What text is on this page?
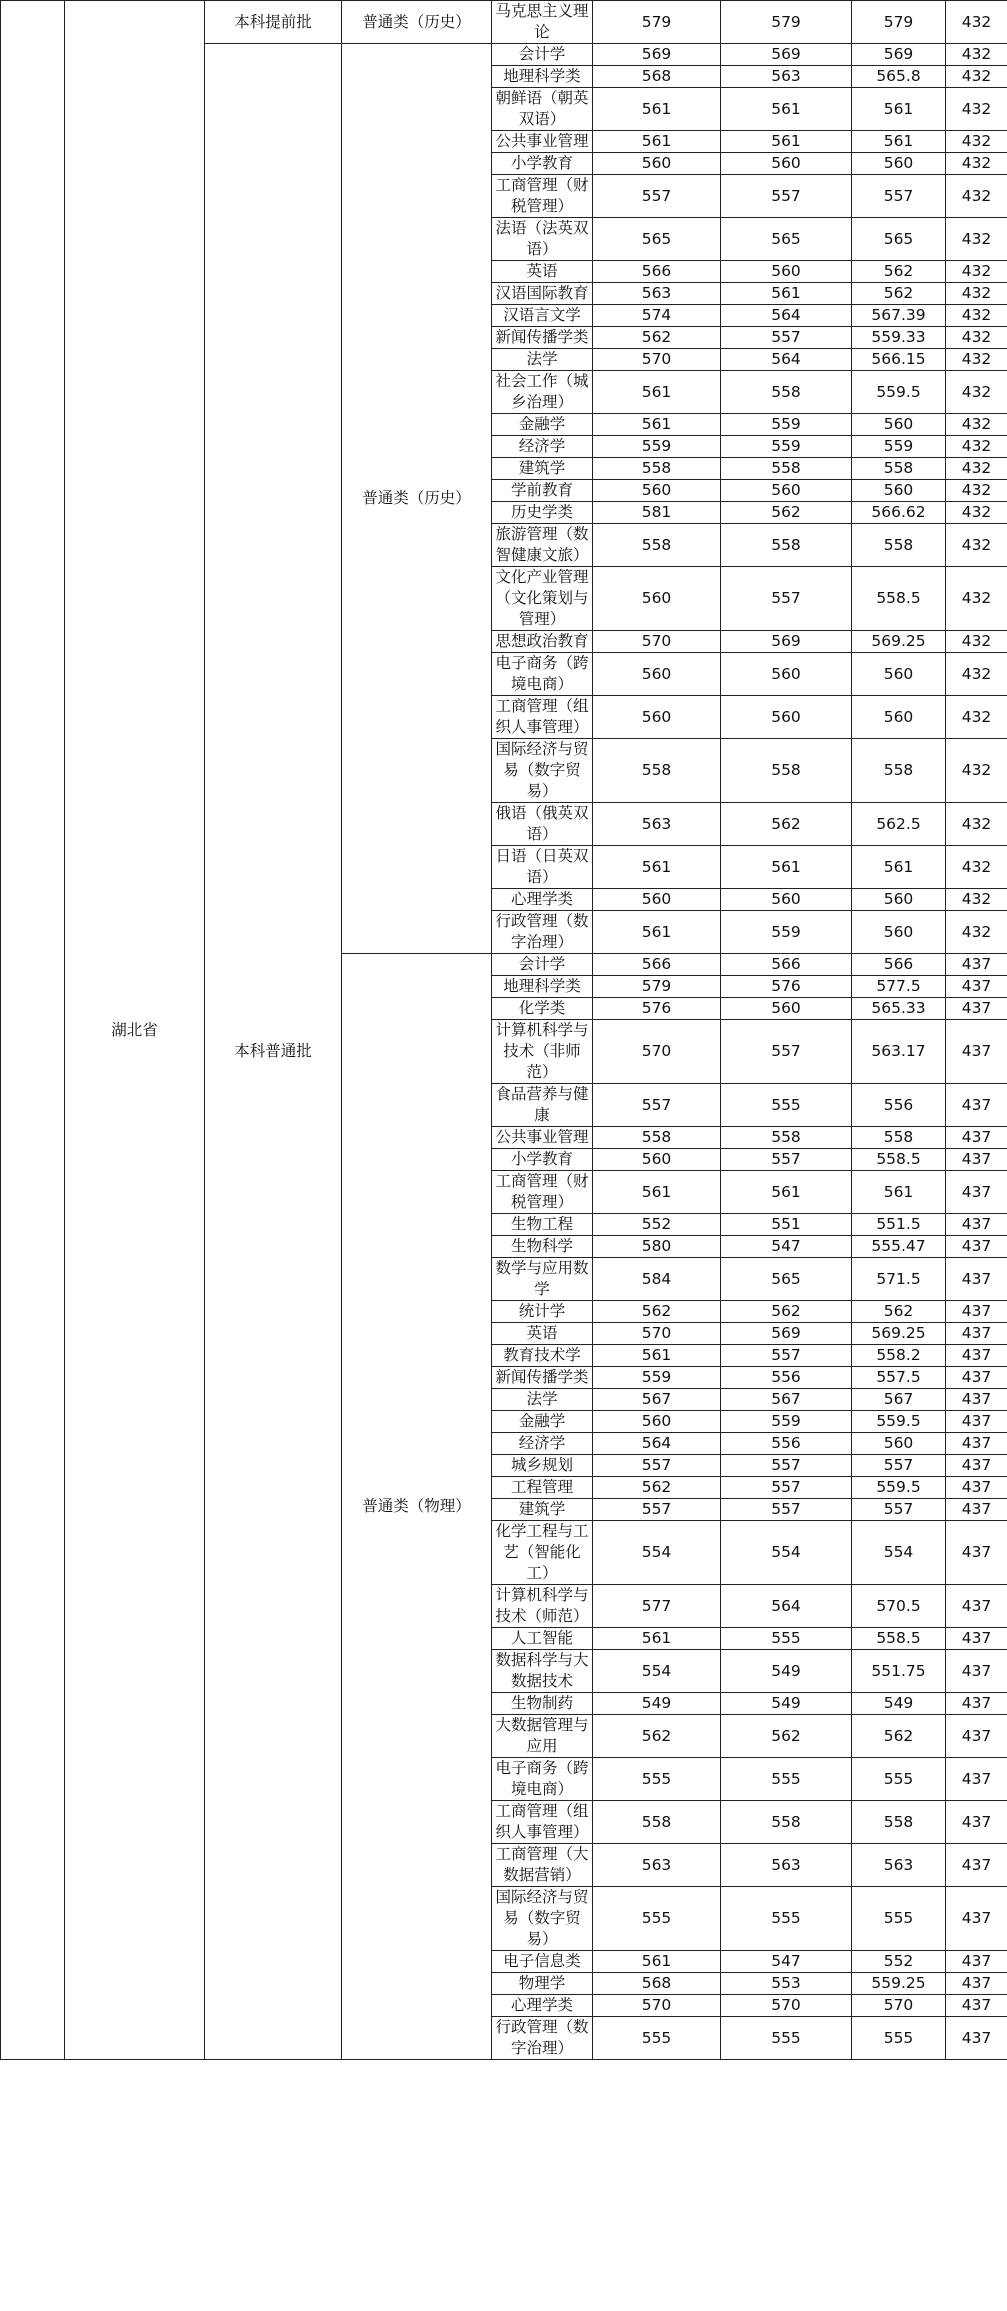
	湖北省	本科提前批	普通类（历史）	马克思主义理论	579	579	579	432	
		本科普通批	普通类（历史）	会计学	569	569	569	432	
				地理科学类	568	563	565.8	432	
				朝鲜语（朝英双语）	561	561	561	432	
				公共事业管理	561	561	561	432	
				小学教育	560	560	560	432	
				工商管理（财税管理）	557	557	557	432	
				法语（法英双语）	565	565	565	432	
				英语	566	560	562	432	
				汉语国际教育	563	561	562	432	
				汉语言文学	574	564	567.39	432	
				新闻传播学类	562	557	559.33	432	
				法学	570	564	566.15	432	
				社会工作（城乡治理）	561	558	559.5	432	
				金融学	561	559	560	432	
				经济学	559	559	559	432	
				建筑学	558	558	558	432	
				学前教育	560	560	560	432	
				历史学类	581	562	566.62	432	
				旅游管理（数智健康文旅）	558	558	558	432	
				文化产业管理（文化策划与管理）	560	557	558.5	432	
				思想政治教育	570	569	569.25	432	
				电子商务（跨境电商）	560	560	560	432	
				工商管理（组织人事管理）	560	560	560	432	
				国际经济与贸易（数字贸易）	558	558	558	432	
				俄语（俄英双语）	563	562	562.5	432	
				日语（日英双语）	561	561	561	432	
				心理学类	560	560	560	432	
				行政管理（数字治理）	561	559	560	432	
			普通类（物理）	会计学	566	566	566	437	
				地理科学类	579	576	577.5	437	
				化学类	576	560	565.33	437	
				计算机科学与技术（非师范）	570	557	563.17	437	
				食品营养与健康	557	555	556	437	
				公共事业管理	558	558	558	437	
				小学教育	560	557	558.5	437	
				工商管理（财税管理）	561	561	561	437	
				生物工程	552	551	551.5	437	
				生物科学	580	547	555.47	437	
				数学与应用数学	584	565	571.5	437	
				统计学	562	562	562	437	
				英语	570	569	569.25	437	
				教育技术学	561	557	558.2	437	
				新闻传播学类	559	556	557.5	437	
				法学	567	567	567	437	
				金融学	560	559	559.5	437	
				经济学	564	556	560	437	
				城乡规划	557	557	557	437	
				工程管理	562	557	559.5	437	
				建筑学	557	557	557	437	
				化学工程与工艺（智能化工）	554	554	554	437	
				计算机科学与技术（师范）	577	564	570.5	437	
				人工智能	561	555	558.5	437	
				数据科学与大数据技术	554	549	551.75	437	
				生物制药	549	549	549	437	
				大数据管理与应用	562	562	562	437	
				电子商务（跨境电商）	555	555	555	437	
				工商管理（组织人事管理）	558	558	558	437	
				工商管理（大数据营销）	563	563	563	437	
				国际经济与贸易（数字贸易）	555	555	555	437	
				电子信息类	561	547	552	437	
				物理学	568	553	559.25	437	
				心理学类	570	570	570	437	
				行政管理（数字治理）	555	555	555	437	
